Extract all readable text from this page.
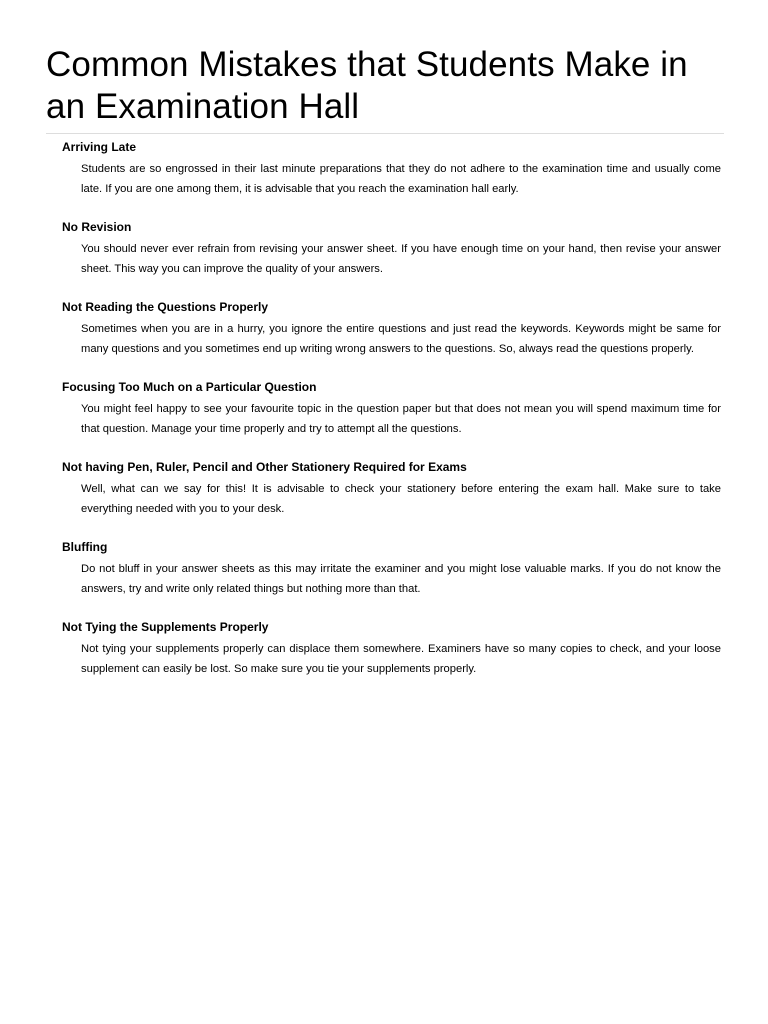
Common Mistakes that Students Make in an Examination Hall
Arriving Late

Students are so engrossed in their last minute preparations that they do not adhere to the examination time and usually come late. If you are one among them, it is advisable that you reach the examination hall early.

No Revision

You should never ever refrain from revising your answer sheet. If you have enough time on your hand, then revise your answer sheet. This way you can improve the quality of your answers.

Not Reading the Questions Properly

Sometimes when you are in a hurry, you ignore the entire questions and just read the keywords. Keywords might be same for many questions and you sometimes end up writing wrong answers to the questions. So, always read the questions properly.

Focusing Too Much on a Particular Question

You might feel happy to see your favourite topic in the question paper but that does not mean you will spend maximum time for that question. Manage your time properly and try to attempt all the questions.

Not having Pen, Ruler, Pencil and Other Stationery Required for Exams

Well, what can we say for this! It is advisable to check your stationery before entering the exam hall. Make sure to take everything needed with you to your desk.

Bluffing

Do not bluff in your answer sheets as this may irritate the examiner and you might lose valuable marks. If you do not know the answers, try and write only related things but nothing more than that.

Not Tying the Supplements Properly

Not tying your supplements properly can displace them somewhere. Examiners have so many copies to check, and your loose supplement can easily be lost. So make sure you tie your supplements properly.
